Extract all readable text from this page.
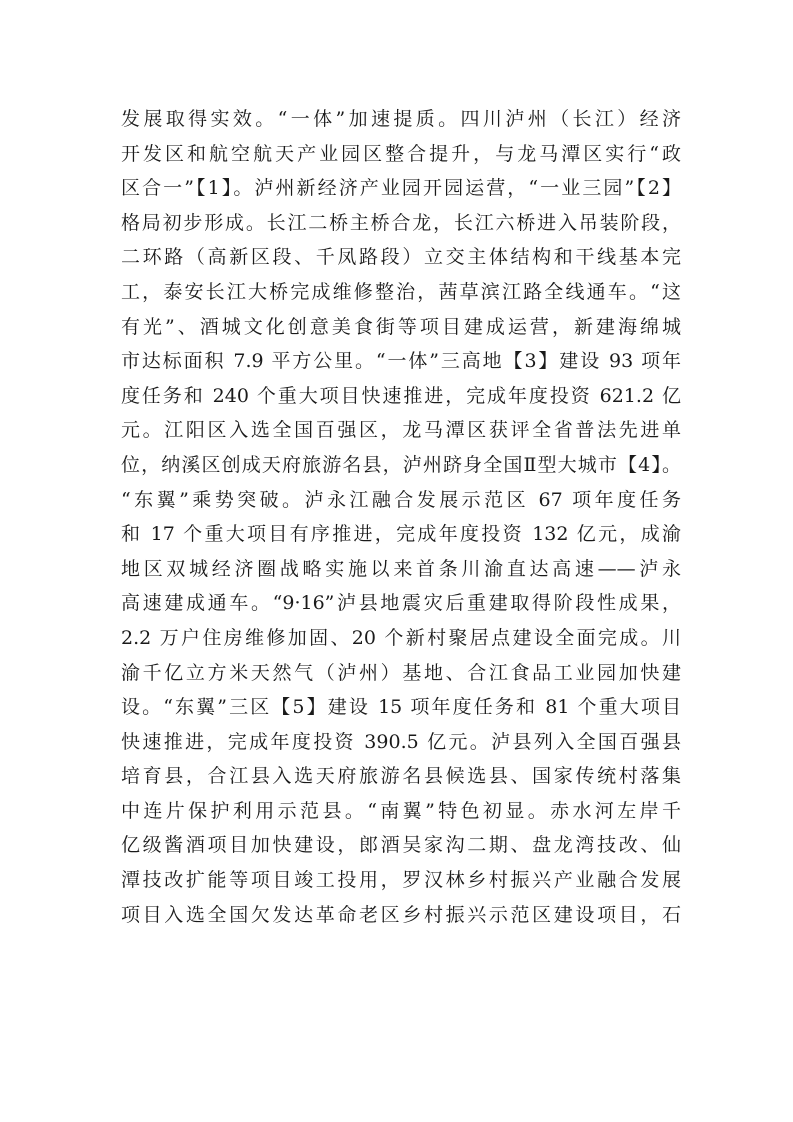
发展取得实效。“一体”加速提质。四川泸州（长江）经济
开发区和航空航天产业园区整合提升，与龙马潭区实行“政
区合一”【1】。泸州新经济产业园开园运营，“一业三园”【2】
格局初步形成。长江二桥主桥合龙，长江六桥进入吊装阶段，
二环路（高新区段、千凤路段）立交主体结构和干线基本完
工，泰安长江大桥完成维修整治，茜草滨江路全线通车。“这
有光”、酒城文化创意美食街等项目建成运营，新建海绵城
市达标面积 7.9 平方公里。“一体”三高地【3】建设 93 项年
度任务和 240 个重大项目快速推进，完成年度投资 621.2 亿
元。江阳区入选全国百强区，龙马潭区获评全省普法先进单
位，纳溪区创成天府旅游名县，泸州跻身全国Ⅱ型大城市【4】。
“东翼”乘势突破。泸永江融合发展示范区 67 项年度任务
和 17 个重大项目有序推进，完成年度投资 132 亿元，成渝
地区双城经济圈战略实施以来首条川渝直达高速——泸永
高速建成通车。“9·16”泸县地震灾后重建取得阶段性成果，
2.2 万户住房维修加固、20 个新村聚居点建设全面完成。川
渝千亿立方米天然气（泸州）基地、合江食品工业园加快建
设。“东翼”三区【5】建设 15 项年度任务和 81 个重大项目
快速推进，完成年度投资 390.5 亿元。泸县列入全国百强县
培育县，合江县入选天府旅游名县候选县、国家传统村落集
中连片保护利用示范县。“南翼”特色初显。赤水河左岸千
亿级酱酒项目加快建设，郎酒吴家沟二期、盘龙湾技改、仙
潭技改扩能等项目竣工投用，罗汉林乡村振兴产业融合发展
项目入选全国欠发达革命老区乡村振兴示范区建设项目，石
